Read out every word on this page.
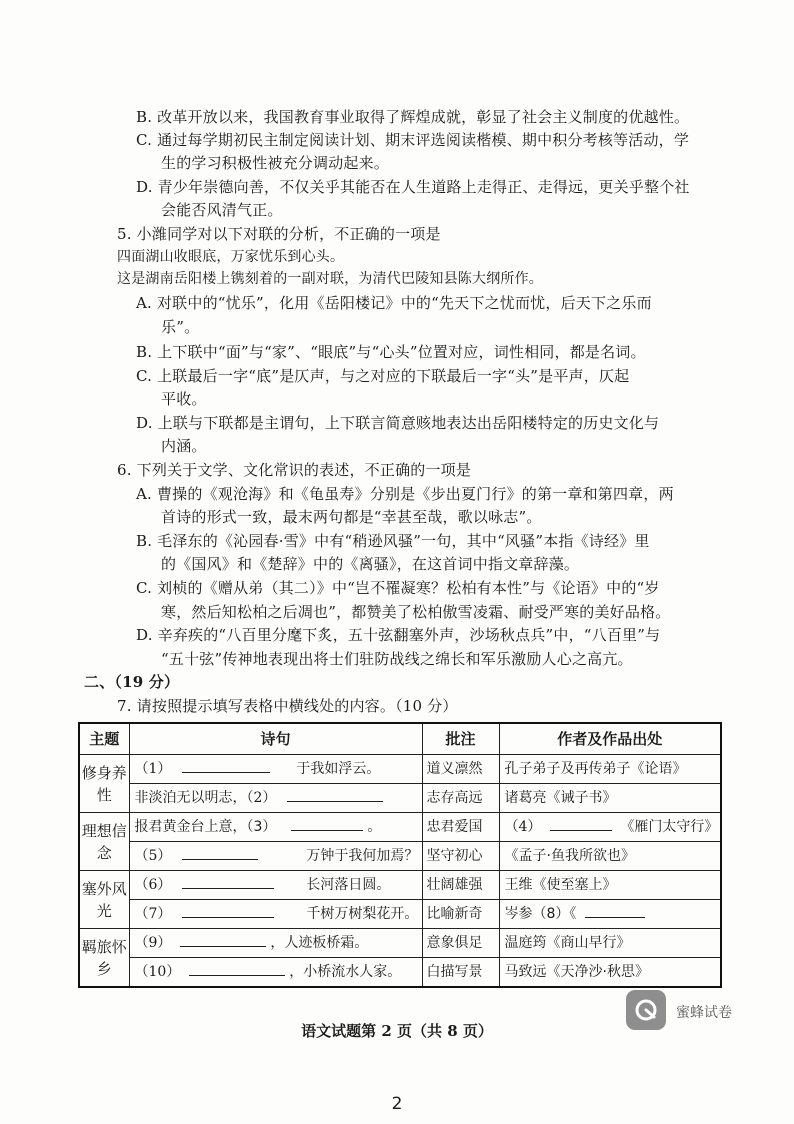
B. 改革开放以来，我国教育事业取得了辉煌成就，彰显了社会主义制度的优越性。
C. 通过每学期初民主制定阅读计划、期末评选阅读楷模、期中积分考核等活动，学
生的学习积极性被充分调动起来。
D. 青少年崇德向善，不仅关乎其能否在人生道路上走得正、走得远，更关乎整个社
会能否风清气正。
5. 小潍同学对以下对联的分析，不正确的一项是
四面湖山收眼底，万家忧乐到心头。
这是湖南岳阳楼上镌刻着的一副对联，为清代巴陵知县陈大纲所作。
A. 对联中的“忧乐”，化用《岳阳楼记》中的“先天下之忧而忧，后天下之乐而
乐”。
B. 上下联中“面”与“家”、“眼底”与“心头”位置对应，词性相同，都是名词。
C. 上联最后一字“底”是仄声，与之对应的下联最后一字“头”是平声，仄起
平收。
D. 上联与下联都是主谓句，上下联言简意赅地表达出岳阳楼特定的历史文化与
内涵。
6. 下列关于文学、文化常识的表述，不正确的一项是
A. 曹操的《观沧海》和《龟虽寿》分别是《步出夏门行》的第一章和第四章，两
首诗的形式一致，最末两句都是“幸甚至哉，歌以咏志”。
B. 毛泽东的《沁园春·雪》中有“稍逊风骚”一句，其中“风骚”本指《诗经》里
的《国风》和《楚辞》中的《离骚》，在这首词中指文章辞藻。
C. 刘桢的《赠从弟（其二）》中“岂不罹凝寒？松柏有本性”与《论语》中的“岁
寒，然后知松柏之后凋也”，都赞美了松柏傲雪凌霜、耐受严寒的美好品格。
D. 辛弃疾的“八百里分麾下炙，五十弦翻塞外声，沙场秋点兵”中，“八百里”与
“五十弦”传神地表现出将士们驻防战线之绵长和军乐激励人心之高亢。
二、（19 分）
7. 请按照提示填写表格中横线处的内容。（10 分）
主题	诗句	批注	作者及作品出处
修身养性	（1） 于我如浮云。	道义凛然	孔子弟子及再传弟子《论语》
	非淡泊无以明志，（2）	志存高远	诸葛亮《诫子书》
理想信念	报君黄金台上意，（3） 。	忠君爱国	（4） 《雁门太守行》
	（5） 万钟于我何加焉？	坚守初心	《孟子·鱼我所欲也》
塞外风光	（6） 长河落日圆。	壮阔雄强	王维《使至塞上》
	（7） 千树万树梨花开。	比喻新奇	岑参（8）《
羁旅怀乡	（9） ，人迹板桥霜。	意象俱足	温庭筠《商山早行》
	（10） ，小桥流水人家。	白描写景	马致远《天净沙·秋思》
语文试题第 2 页（共 8 页）
2
蜜蜂试卷
